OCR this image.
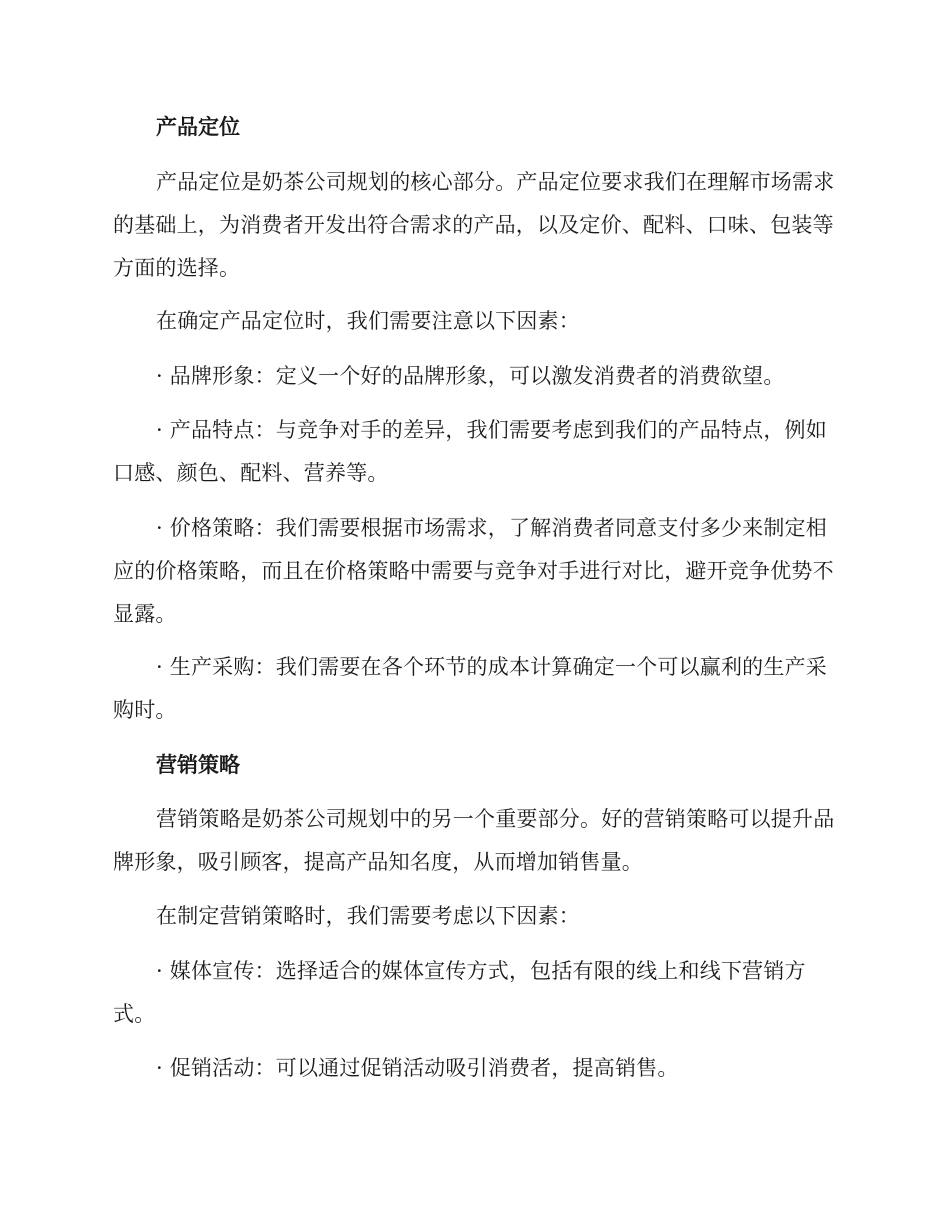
产品定位
产品定位是奶茶公司规划的核心部分。产品定位要求我们在理解市场需求的基础上，为消费者开发出符合需求的产品，以及定价、配料、口味、包装等方面的选择。
在确定产品定位时，我们需要注意以下因素：
· 品牌形象：定义一个好的品牌形象，可以激发消费者的消费欲望。
· 产品特点：与竞争对手的差异，我们需要考虑到我们的产品特点，例如口感、颜色、配料、营养等。
· 价格策略：我们需要根据市场需求，了解消费者同意支付多少来制定相应的价格策略，而且在价格策略中需要与竞争对手进行对比，避开竞争优势不显露。
· 生产采购：我们需要在各个环节的成本计算确定一个可以赢利的生产采购时。
营销策略
营销策略是奶茶公司规划中的另一个重要部分。好的营销策略可以提升品牌形象，吸引顾客，提高产品知名度，从而增加销售量。
在制定营销策略时，我们需要考虑以下因素：
· 媒体宣传：选择适合的媒体宣传方式，包括有限的线上和线下营销方式。
· 促销活动：可以通过促销活动吸引消费者，提高销售。
